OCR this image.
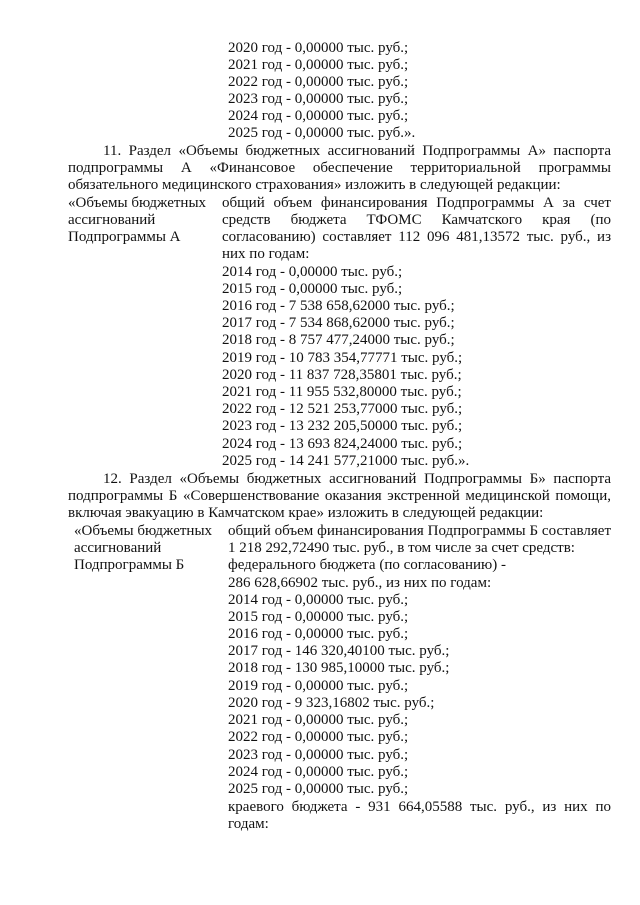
2020 год - 0,00000 тыс. руб.;
2021 год - 0,00000 тыс. руб.;
2022 год - 0,00000 тыс. руб.;
2023 год - 0,00000 тыс. руб.;
2024 год - 0,00000 тыс. руб.;
2025 год - 0,00000 тыс. руб.».
11. Раздел «Объемы бюджетных ассигнований Подпрограммы А» паспорта
подпрограммы А «Финансовое обеспечение территориальной программы
обязательного медицинского страхования» изложить в следующей редакции:
«Объемы бюджетных
ассигнований
Подпрограммы А
общий объем финансирования Подпрограммы А за счет
средств бюджета ТФОМС Камчатского края (по
согласованию) составляет 112 096 481,13572 тыс. руб., из
них по годам:
2014 год - 0,00000 тыс. руб.;
2015 год - 0,00000 тыс. руб.;
2016 год - 7 538 658,62000 тыс. руб.;
2017 год - 7 534 868,62000 тыс. руб.;
2018 год - 8 757 477,24000 тыс. руб.;
2019 год - 10 783 354,77771 тыс. руб.;
2020 год - 11 837 728,35801 тыс. руб.;
2021 год - 11 955 532,80000 тыс. руб.;
2022 год - 12 521 253,77000 тыс. руб.;
2023 год - 13 232 205,50000 тыс. руб.;
2024 год - 13 693 824,24000 тыс. руб.;
2025 год - 14 241 577,21000 тыс. руб.».
12. Раздел «Объемы бюджетных ассигнований Подпрограммы Б» паспорта
подпрограммы Б «Совершенствование оказания экстренной медицинской помощи,
включая эвакуацию в Камчатском крае» изложить в следующей редакции:
«Объемы бюджетных
ассигнований
Подпрограммы Б
общий объем финансирования Подпрограммы Б составляет
1 218 292,72490 тыс. руб., в том числе за счет средств:
федерального бюджета (по согласованию) -
286 628,66902 тыс. руб., из них по годам:
2014 год - 0,00000 тыс. руб.;
2015 год - 0,00000 тыс. руб.;
2016 год - 0,00000 тыс. руб.;
2017 год - 146 320,40100 тыс. руб.;
2018 год - 130 985,10000 тыс. руб.;
2019 год - 0,00000 тыс. руб.;
2020 год - 9 323,16802 тыс. руб.;
2021 год - 0,00000 тыс. руб.;
2022 год - 0,00000 тыс. руб.;
2023 год - 0,00000 тыс. руб.;
2024 год - 0,00000 тыс. руб.;
2025 год - 0,00000 тыс. руб.;
краевого бюджета - 931 664,05588 тыс. руб., из них по
годам:
